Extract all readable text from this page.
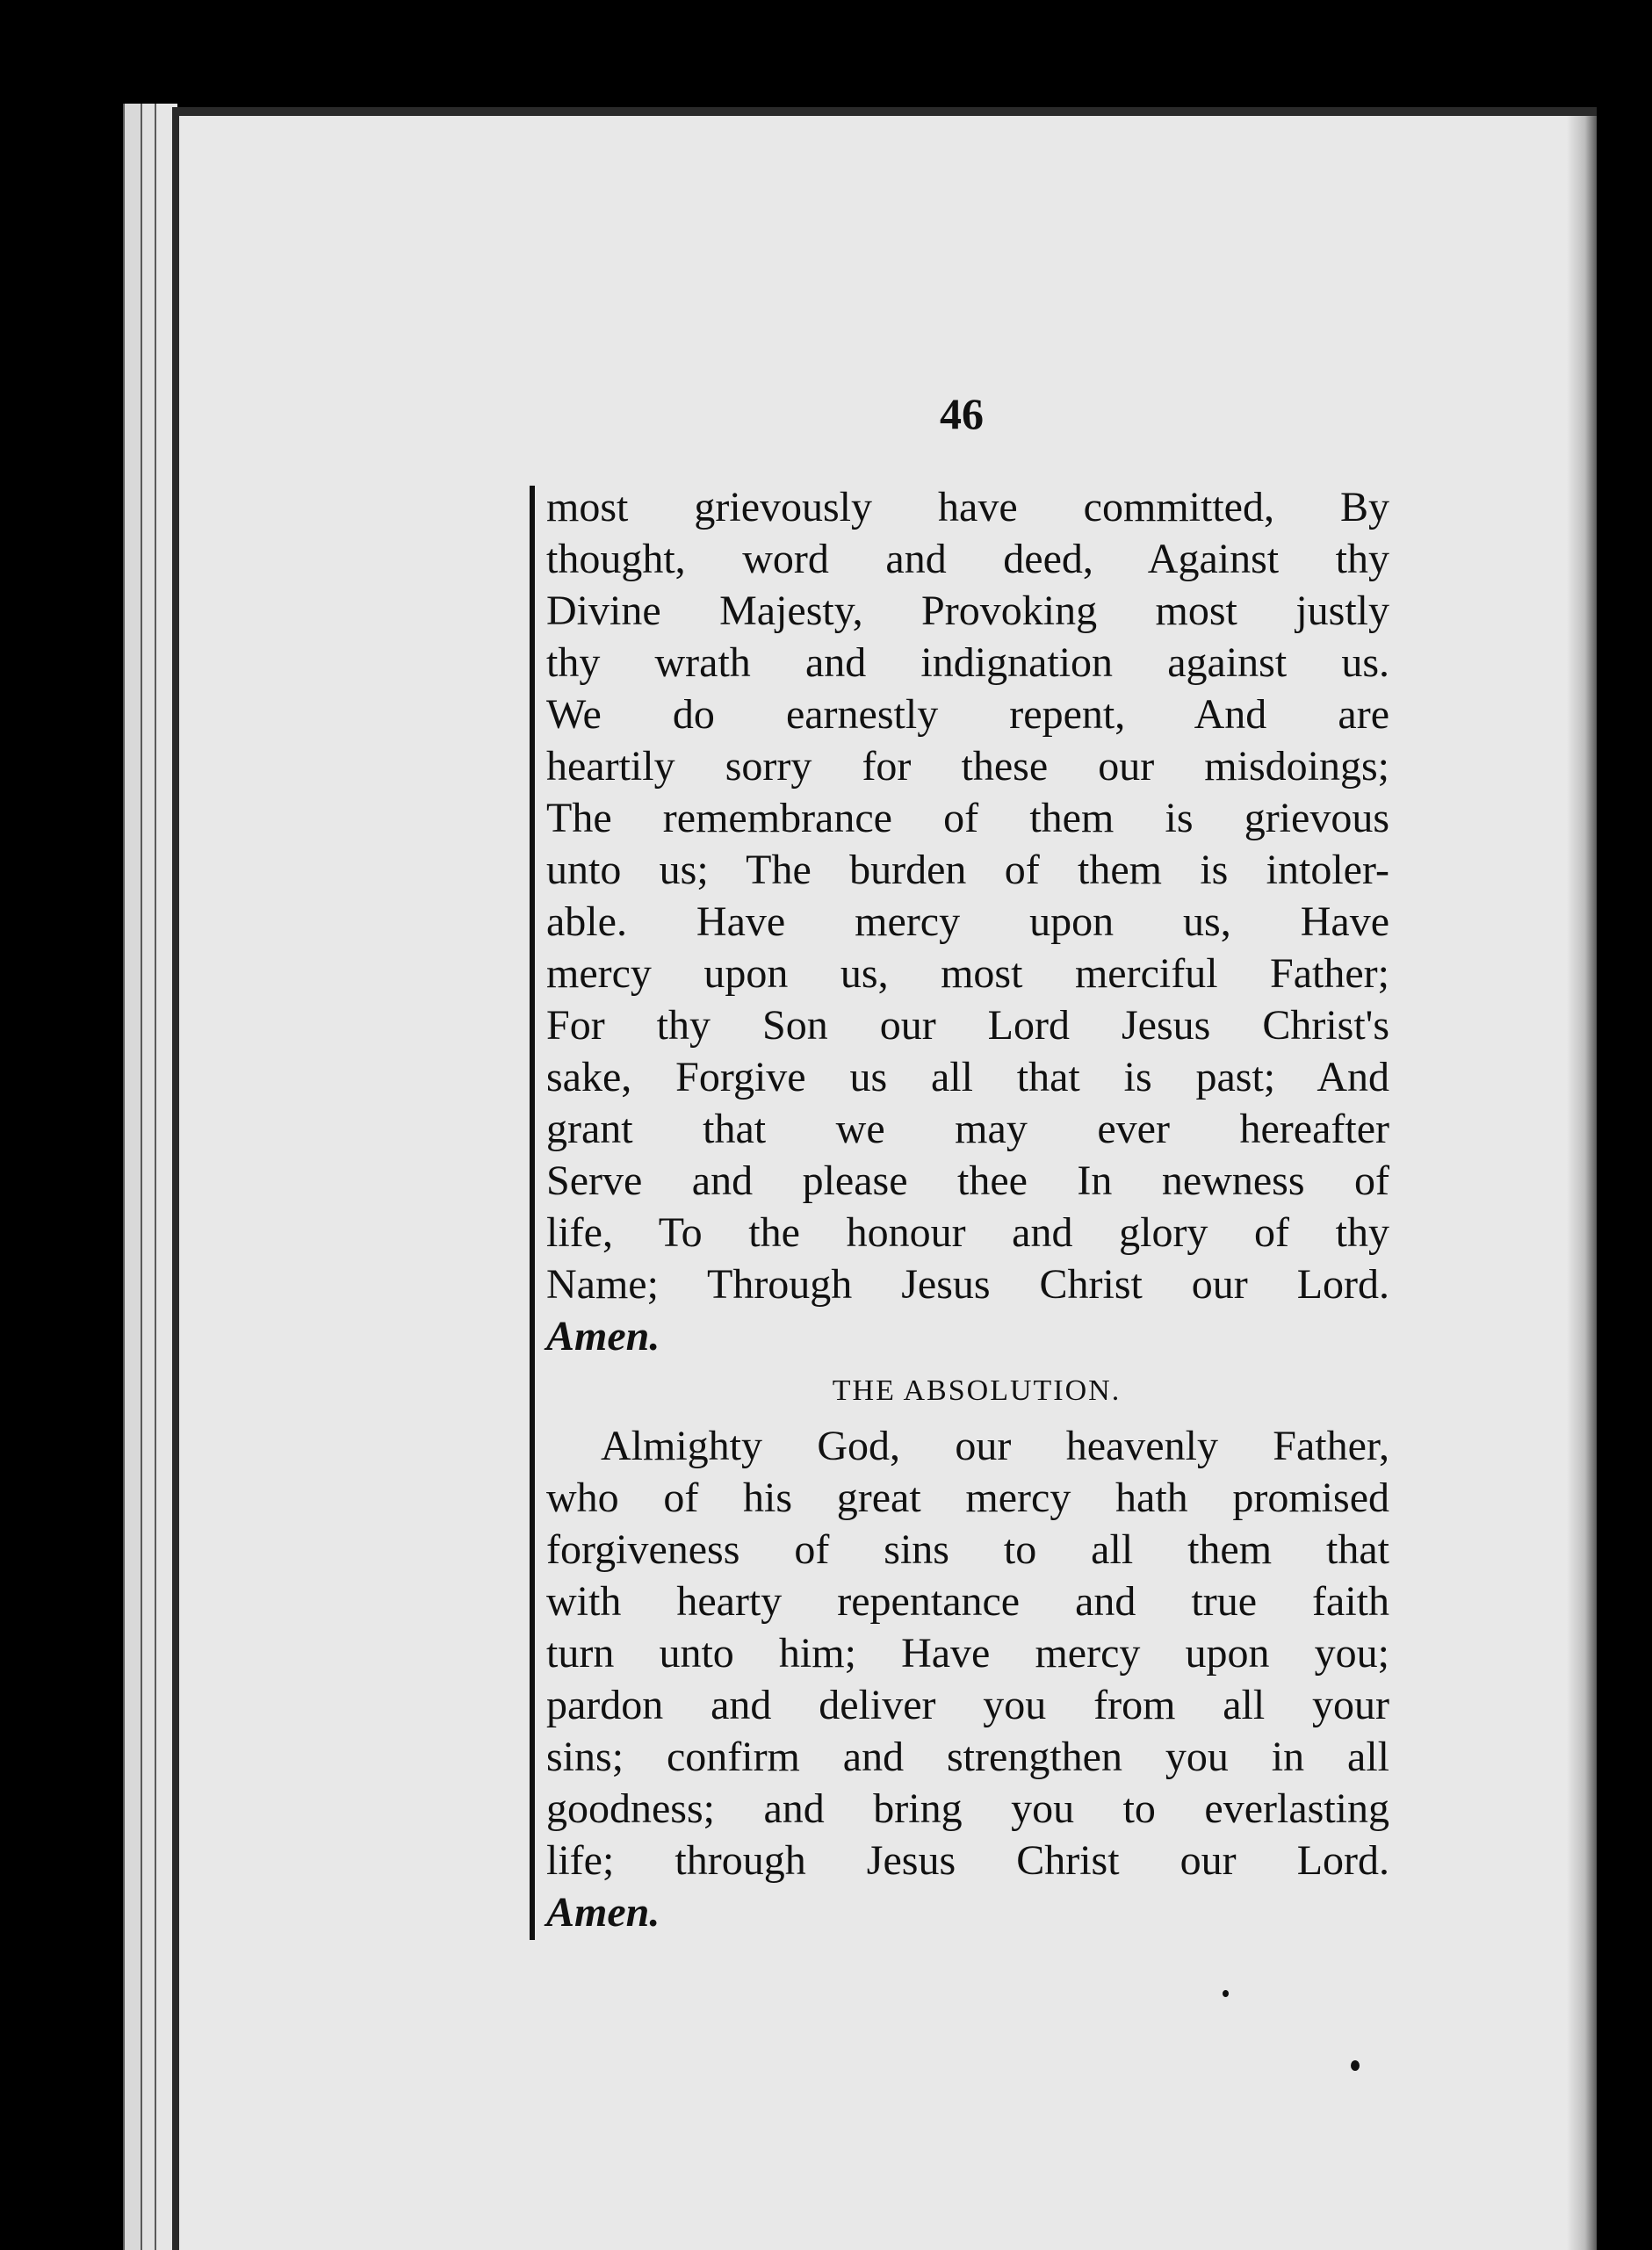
46
most grievously have committed, By
thought, word and deed, Against thy
Divine Majesty, Provoking most justly
thy wrath and indignation against us.
We do earnestly repent, And are
heartily sorry for these our misdoings;
The remembrance of them is grievous
unto us; The burden of them is intoler-
able. Have mercy upon us, Have
mercy upon us, most merciful Father;
For thy Son our Lord Jesus Christ's
sake, Forgive us all that is past; And
grant that we may ever hereafter
Serve and please thee In newness of
life, To the honour and glory of thy
Name; Through Jesus Christ our Lord.
Amen.
THE ABSOLUTION.
Almighty God, our heavenly Father,
who of his great mercy hath promised
forgiveness of sins to all them that
with hearty repentance and true faith
turn unto him; Have mercy upon you;
pardon and deliver you from all your
sins; confirm and strengthen you in all
goodness; and bring you to everlasting
life; through Jesus Christ our Lord.
Amen.
